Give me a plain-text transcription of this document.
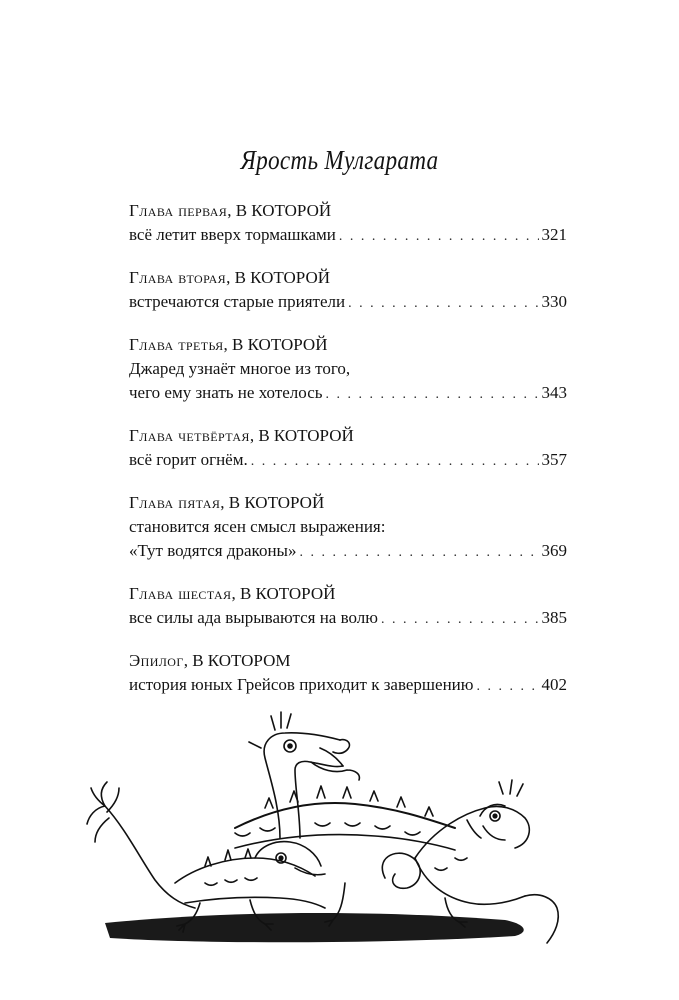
Ярость Мулгарата
Глава первая, В КОТОРОЙ
всё летит вверх тормашками . . .	321
Глава вторая, В КОТОРОЙ
встречаются старые приятели . . .	330
Глава третья, В КОТОРОЙ
Джаред узнаёт многое из того,
чего ему знать не хотелось . . .	343
Глава четвёртая, В КОТОРОЙ
всё горит огнём. . . .	357
Глава пятая, В КОТОРОЙ
становится ясен смысл выражения:
«Тут водятся драконы» . . .	369
Глава шестая, В КОТОРОЙ
все силы ада вырываются на волю . . .	385
Эпилог, В КОТОРОМ
история юных Грейсов приходит к завершению . . .	402
